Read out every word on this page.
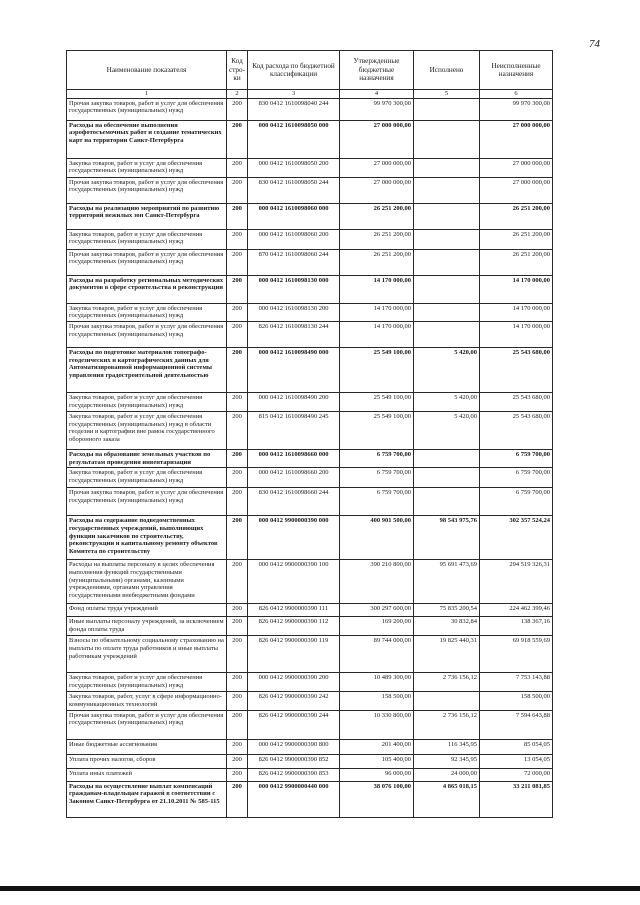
74
Наименование показателя	Код стро-ки	Код расхода по бюджетной классификации	Утвержденные бюджетные назначения	Исполнено	Неисполненные назначения
1	2	3	4	5	6
Прочая закупка товаров, работ и услуг для обеспечения государственных (муниципальных) нужд	200	830 0412 1610098040 244	99 970 300,00		99 970 300,00
Расходы на обеспечение выполнения аэрофотосъемочных работ и создание тематических карт на территории Санкт-Петербурга	200	000 0412 1610098050 000	27 000 000,00		27 000 000,00
Закупка товаров, работ и услуг для обеспечения государственных (муниципальных) нужд	200	000 0412 1610098050 200	27 000 000,00		27 000 000,00
Прочая закупка товаров, работ и услуг для обеспечения государственных (муниципальных) нужд	200	830 0412 1610098050 244	27 000 000,00		27 000 000,00
Расходы на реализацию мероприятий по развитию территорий нежилых зон Санкт-Петербурга	200	000 0412 1610098060 000	26 251 200,00		26 251 200,00
Закупка товаров, работ и услуг для обеспечения государственных (муниципальных) нужд	200	000 0412 1610098060 200	26 251 200,00		26 251 200,00
Прочая закупка товаров, работ и услуг для обеспечения государственных (муниципальных) нужд	200	870 0412 1610098060 244	26 251 200,00		26 251 200,00
Расходы на разработку региональных методических документов в сфере строительства и реконструкции	200	000 0412 1610098130 000	14 170 000,00		14 170 000,00
Закупка товаров, работ и услуг для обеспечения государственных (муниципальных) нужд	200	000 0412 1610098130 200	14 170 000,00		14 170 000,00
Прочая закупка товаров, работ и услуг для обеспечения государственных (муниципальных) нужд	200	826 0412 1610098130 244	14 170 000,00		14 170 000,00
Расходы по подготовке материалов топографо-геодезических и картографических данных для Автоматизированной информационной системы управления градостроительной деятельностью	200	000 0412 1610098490 000	25 549 100,00	5 420,00	25 543 680,00
Закупка товаров, работ и услуг для обеспечения государственных (муниципальных) нужд	200	000 0412 1610098490 200	25 549 100,00	5 420,00	25 543 680,00
Закупка товаров, работ и услуг для обеспечения государственных (муниципальных) нужд в области геодезии и картографии вне рамок государственного оборонного заказа	200	815 0412 1610098490 245	25 549 100,00	5 420,00	25 543 680,00
Расходы на образование земельных участков по результатам проведения инвентаризации	200	000 0412 1610098660 000	6 759 700,00		6 759 700,00
Закупка товаров, работ и услуг для обеспечения государственных (муниципальных) нужд	200	000 0412 1610098660 200	6 759 700,00		6 759 700,00
Прочая закупка товаров, работ и услуг для обеспечения государственных (муниципальных) нужд	200	830 0412 1610098660 244	6 759 700,00		6 759 700,00
Расходы на содержание подведомственных государственных учреждений, выполняющих функции заказчиков по строительству, реконструкции и капитальному ремонту объектов Комитета по строительству	200	000 0412 9900000390 000	400 901 500,00	98 543 975,76	302 357 524,24
Расходы на выплаты персоналу в целях обеспечения выполнения функций государственными (муниципальными) органами, казенными учреждениями, органами управления государственными внебюджетными фондами	200	000 0412 9900000390 100	390 210 800,00	95 691 473,69	294 519 326,31
Фонд оплаты труда учреждений	200	826 0412 9900000390 111	300 297 600,00	75 835 200,54	224 462 399,46
Иные выплаты персоналу учреждений, за исключением фонда оплаты труда	200	826 0412 9900000390 112	169 200,00	30 832,84	138 367,16
Взносы по обязательному социальному страхованию на выплаты по оплате труда работников и иные выплаты работникам учреждений	200	826 0412 9900000390 119	89 744 000,00	19 825 440,31	69 918 559,69
Закупка товаров, работ и услуг для обеспечения государственных (муниципальных) нужд	200	000 0412 9900000390 200	10 489 300,00	2 736 156,12	7 753 143,88
Закупка товаров, работ, услуг в сфере информационно-коммуникационных технологий	200	826 0412 9900000390 242	158 500,00		158 500,00
Прочая закупка товаров, работ и услуг для обеспечения государственных (муниципальных) нужд	200	826 0412 9900000390 244	10 330 800,00	2 736 156,12	7 594 643,88
Иные бюджетные ассигнования	200	000 0412 9900000390 800	201 400,00	116 345,95	85 054,05
Уплата прочих налогов, сборов	200	826 0412 9900000390 852	105 400,00	92 345,95	13 054,05
Уплата иных платежей	200	826 0412 9900000390 853	96 000,00	24 000,00	72 000,00
Расходы на осуществление выплат компенсаций гражданам-владельцам гаражей в соответствии с Законом Санкт-Петербурга от 21.10.2011 № 585-115	200	000 0412 9900000440 000	38 076 100,00	4 865 018,15	33 211 081,85
